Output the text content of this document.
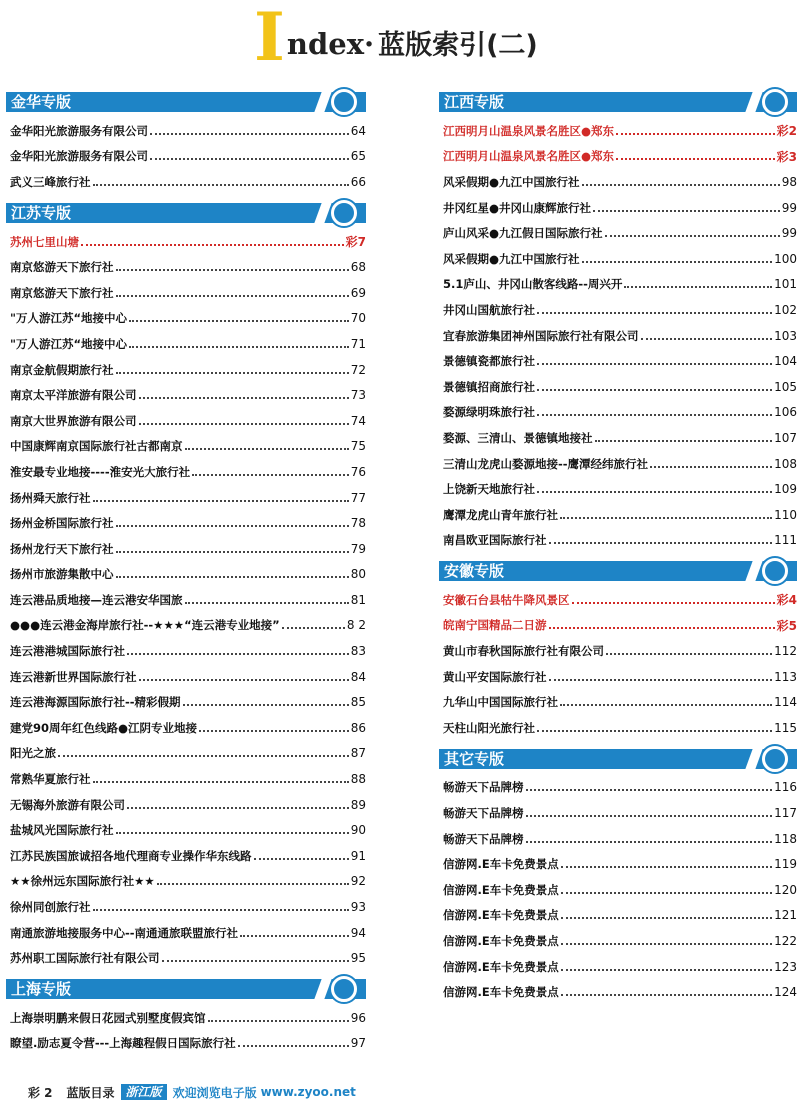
I ndex· 蓝版索引(二)
金华专版
金华阳光旅游服务有限公司	64
金华阳光旅游服务有限公司	65
武义三峰旅行社	66
江苏专版
苏州七里山塘	彩7
南京悠游天下旅行社	68
南京悠游天下旅行社	69
"万人游江苏“地接中心	70
"万人游江苏“地接中心	71
南京金航假期旅行社	72
南京太平洋旅游有限公司	73
南京大世界旅游有限公司	74
中国康辉南京国际旅行社古都南京	75
淮安最专业地接----淮安光大旅行社	76
扬州舜天旅行社	77
扬州金桥国际旅行社	78
扬州龙行天下旅行社	79
扬州市旅游集散中心	80
连云港品质地接—连云港安华国旅	81
●●●连云港金海岸旅行社--★★★“连云港专业地接”	8 2
连云港港城国际旅行社	83
连云港新世界国际旅行社	84
连云港海源国际旅行社--精彩假期	85
建党90周年红色线路●江阴专业地接	86
阳光之旅	87
常熟华夏旅行社	88
无锡海外旅游有限公司	89
盐城风光国际旅行社	90
江苏民族国旅诚招各地代理商专业操作华东线路	91
★★徐州远东国际旅行社★★	92
徐州同创旅行社	93
南通旅游地接服务中心--南通通旅联盟旅行社	94
苏州职工国际旅行社有限公司	95
上海专版
上海崇明鹏来假日花园式别墅度假宾馆	96
瞭望.励志夏令营---上海趣程假日国际旅行社	97
江西专版
江西明月山温泉风景名胜区●郑东	彩2
江西明月山温泉风景名胜区●郑东	彩3
风采假期●九江中国旅行社	98
井冈红星●井冈山康辉旅行社	99
庐山风采●九江假日国际旅行社	99
风采假期●九江中国旅行社	100
5.1庐山、井冈山散客线路--周兴开	101
井冈山国航旅行社	102
宜春旅游集团神州国际旅行社有限公司	103
景德镇瓷都旅行社	104
景德镇招商旅行社	105
婺源绿明珠旅行社	106
婺源、三清山、景德镇地接社	107
三清山龙虎山婺源地接--鹰潭经纬旅行社	108
上饶新天地旅行社	109
鹰潭龙虎山青年旅行社	110
南昌欧亚国际旅行社	111
安徽专版
安徽石台县牯牛降风景区	彩4
皖南宁国精品二日游	彩5
黄山市春秋国际旅行社有限公司	112
黄山平安国际旅行社	113
九华山中国国际旅行社	114
天柱山阳光旅行社	115
其它专版
畅游天下品牌榜	116
畅游天下品牌榜	117
畅游天下品牌榜	118
信游网.E车卡免费景点	119
信游网.E车卡免费景点	120
信游网.E车卡免费景点	121
信游网.E车卡免费景点	122
信游网.E车卡免费景点	123
信游网.E车卡免费景点	124
彩 2 蓝版目录 浙江版 欢迎浏览电子版 www.zyoo.net
